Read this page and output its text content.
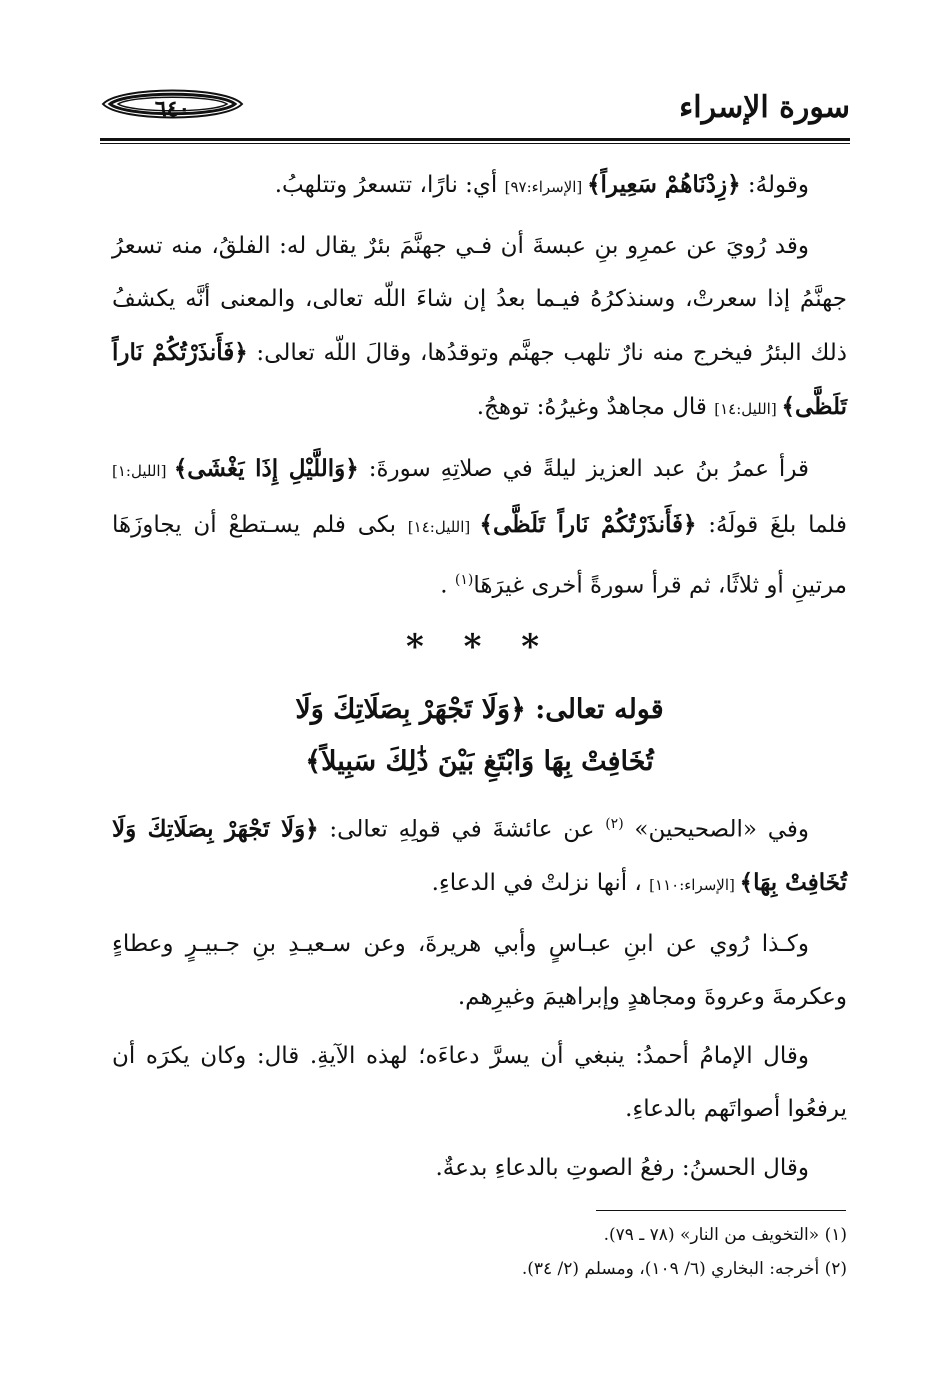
سورة الإسراء
٦٤٠

وقولهُ: ﴿زِدْنَاهُمْ سَعِيراً﴾ [الإسراء:٩٧] أي: نارًا، تتسعرُ وتتلهبُ.

وقد رُويَ عن عمرِو بنِ عبسةَ أن فـي جهنَّمَ بئرٌ يقال له: الفلقُ، منه تسعرُ جهنَّمُ إذا سعرتْ، وسنذكرُهُ فيـما بعدُ إن شاءَ اللّه تعالى، والمعنى أنَّه يكشفُ ذلك البئرُ فيخرج منه نارٌ تلهب جهنَّم وتوقدُها، وقالَ اللّه تعالى: ﴿فَأَنذَرْتُكُمْ نَاراً تَلَظَّى﴾ [الليل:١٤] قال مجاهدٌ وغيرُهُ: توهجُ.

قرأ عمرُ بنُ عبد العزيز ليلةً في صلاتِهِ سورةَ: ﴿وَاللَّيْلِ إِذَا يَغْشَى﴾ [الليل:١] فلما بلغَ قولَهُ: ﴿فَأَنذَرْتُكُمْ نَاراً تَلَظَّى﴾ [الليل:١٤] بكى فلم يسـتطعْ أن يجاوزَهَا مرتينِ أو ثلاثًا، ثم قرأ سورةً أخرى غيرَهَا$^{(١)}$ .

* * *
قوله تعالى: ﴿وَلَا تَجْهَرْ بِصَلَاتِكَ وَلَا
تُخَافِتْ بِهَا وَابْتَغِ بَيْنَ ذَٰلِكَ سَبِيلاً﴾

وفي «الصحيحين» $^{(٢)}$ عن عائشةَ في قولِهِ تعالى: ﴿وَلَا تَجْهَرْ بِصَلَاتِكَ وَلَا تُخَافِتْ بِهَا﴾ [الإسراء:١١٠] ، أنها نزلتْ في الدعاءِ.

وكـذا رُوي عن ابنِ عبـاسٍ وأبي هريرةَ، وعن سـعيـدِ بنِ جـبيـرٍ وعطاءٍ وعكرمةَ وعروةَ ومجاهدٍ وإبراهيمَ وغيرِهم.

وقال الإمامُ أحمدُ: ينبغي أن يسرَّ دعاءَه؛ لهذه الآيةِ. قال: وكان يكرَه أن يرفعُوا أصواتَهم بالدعاءِ.

وقال الحسنُ: رفعُ الصوتِ بالدعاءِ بدعةٌ.

(١) «التخويف من النار» (٧٨ ـ ٧٩).
(٢) أخرجه: البخاري (٦/ ١٠٩)، ومسلم (٢/ ٣٤).
